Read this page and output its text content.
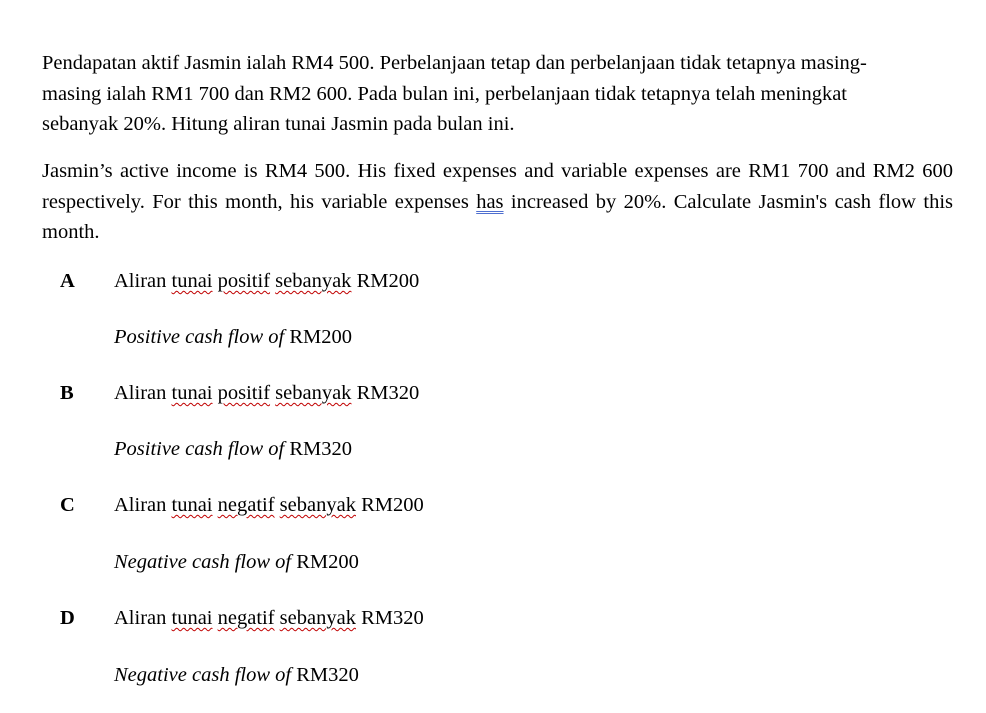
Pendapatan aktif Jasmin ialah RM4 500. Perbelanjaan tetap dan perbelanjaan tidak tetapnya masing-
masing ialah RM1 700 dan RM2 600. Pada bulan ini, perbelanjaan tidak tetapnya telah meningkat
sebanyak 20%. Hitung aliran tunai Jasmin pada bulan ini.

Jasmin’s active income is RM4 500. His fixed expenses and variable expenses are RM1 700 and RM2 600 respectively. For this month, his variable expenses has increased by 20%. Calculate Jasmin's cash flow this month.

A Aliran tunai positif sebanyak RM200
Positive cash flow of RM200
B Aliran tunai positif sebanyak RM320
Positive cash flow of RM320
C Aliran tunai negatif sebanyak RM200
Negative cash flow of RM200
D Aliran tunai negatif sebanyak RM320
Negative cash flow of RM320
